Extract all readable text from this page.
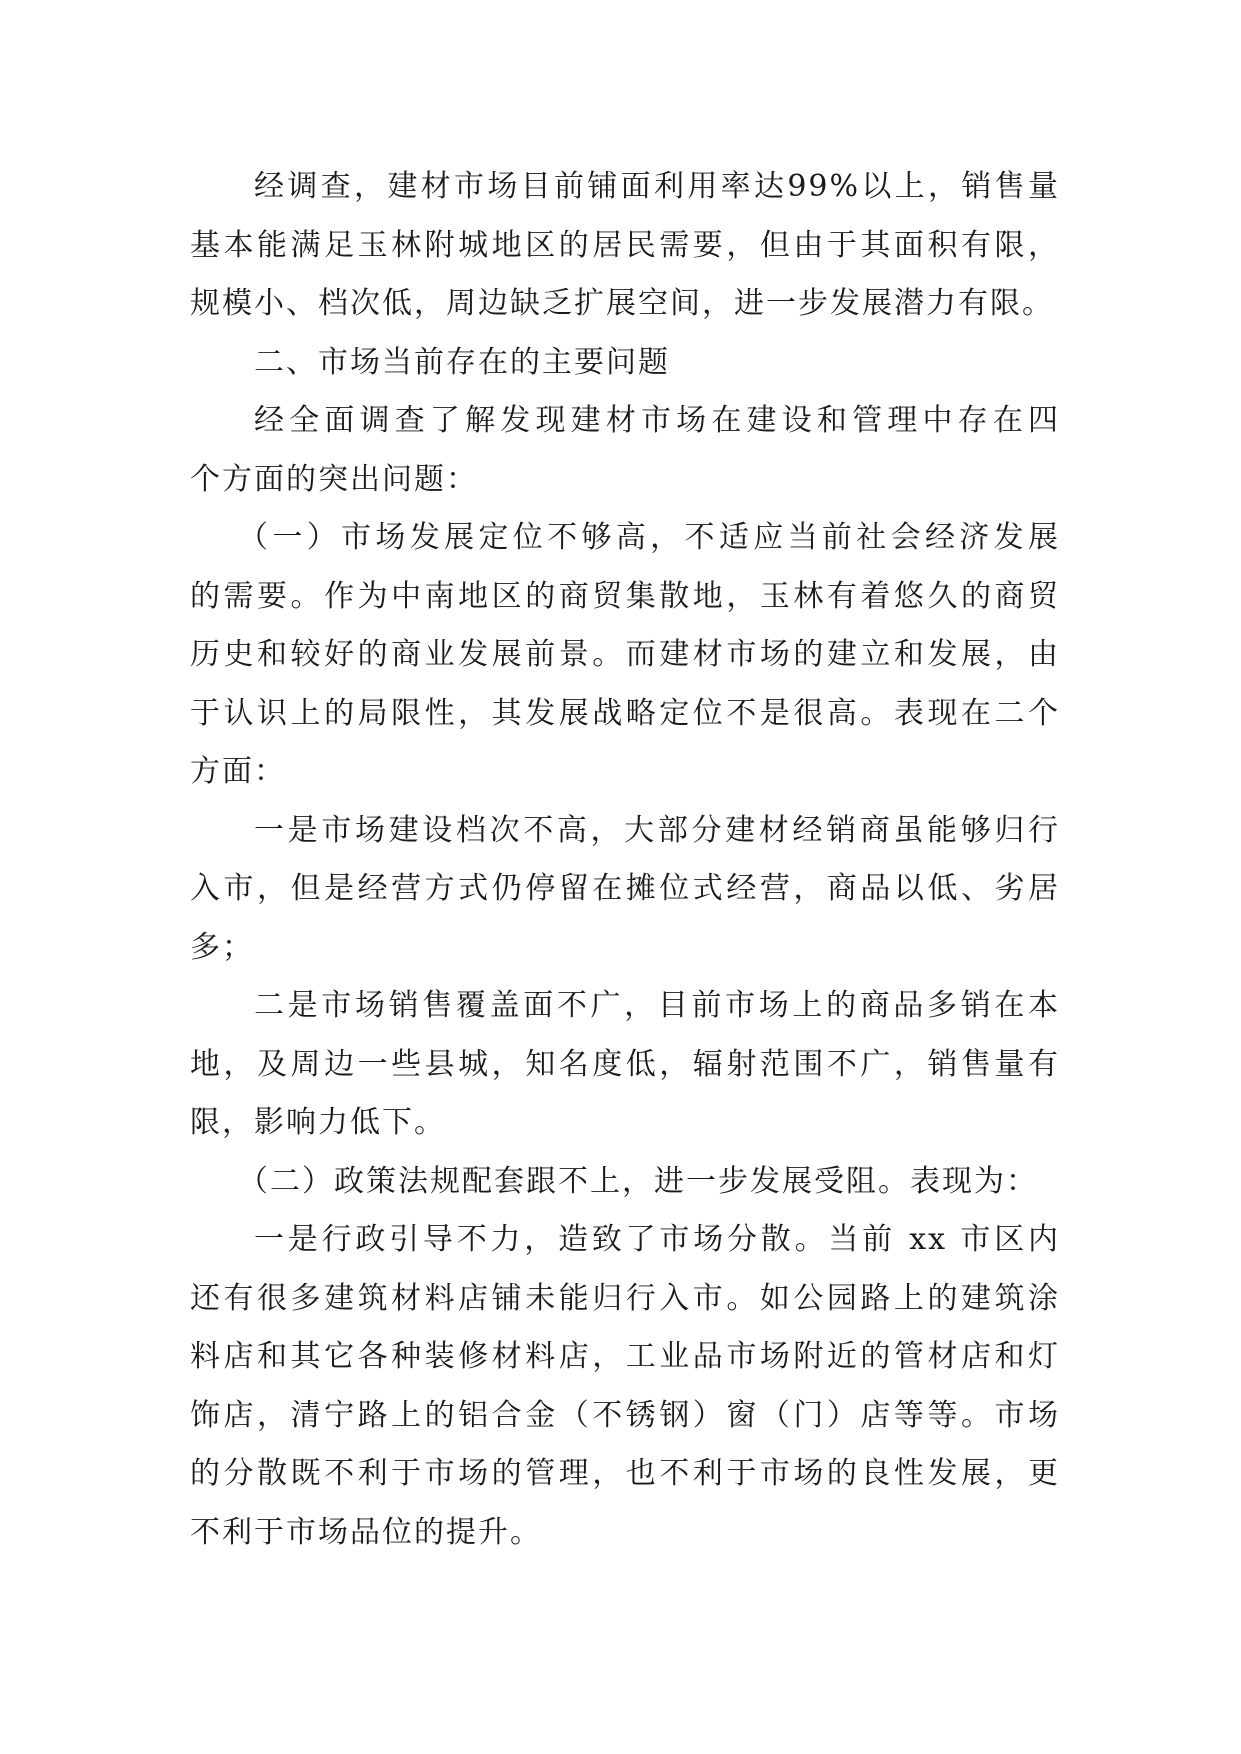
经调查，建材市场目前铺面利用率达99%以上，销售量
基本能满足玉林附城地区的居民需要，但由于其面积有限，
规模小、档次低，周边缺乏扩展空间，进一步发展潜力有限。
二、市场当前存在的主要问题
经全面调查了解发现建材市场在建设和管理中存在四
个方面的突出问题：
（一）市场发展定位不够高，不适应当前社会经济发展
的需要。作为中南地区的商贸集散地，玉林有着悠久的商贸
历史和较好的商业发展前景。而建材市场的建立和发展，由
于认识上的局限性，其发展战略定位不是很高。表现在二个
方面：
一是市场建设档次不高，大部分建材经销商虽能够归行
入市，但是经营方式仍停留在摊位式经营，商品以低、劣居
多；
二是市场销售覆盖面不广，目前市场上的商品多销在本
地，及周边一些县城，知名度低，辐射范围不广，销售量有
限，影响力低下。
（二）政策法规配套跟不上，进一步发展受阻。表现为：
一是行政引导不力，造致了市场分散。当前 xx 市区内
还有很多建筑材料店铺未能归行入市。如公园路上的建筑涂
料店和其它各种装修材料店，工业品市场附近的管材店和灯
饰店，清宁路上的铝合金（不锈钢）窗（门）店等等。市场
的分散既不利于市场的管理，也不利于市场的良性发展，更
不利于市场品位的提升。
